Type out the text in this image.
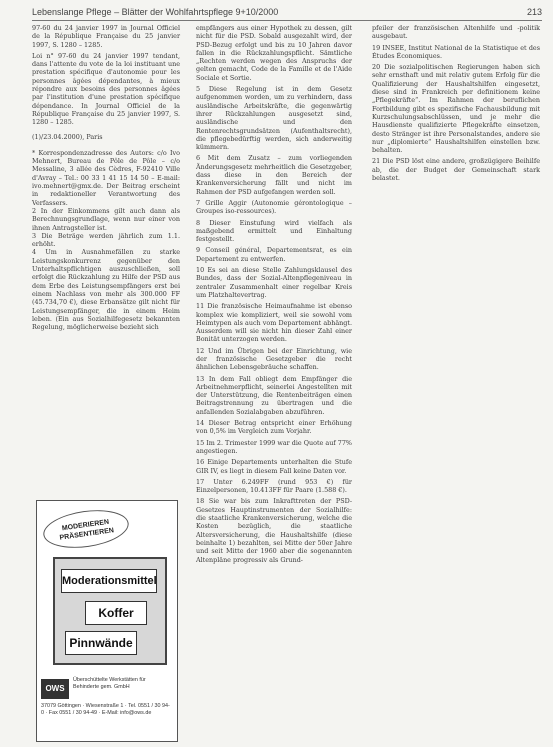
Lebenslange Pflege – Blätter der Wohlfahrtspflege 9+10/2000	213

97-60 du 24 janvier 1997 in Journal Officiel de la République Française du 25 janvier 1997, S. 1280 – 1285.

Loi n° 97-60 du 24 janvier 1997 tendant, dans l'attente du vote de la loi instituant une prestation spécifique d'autonomie pour les personnes âgées dépendantes, à mieux répondre aux besoins des personnes âgées par l'institution d'une prestation spécifique dépendance. In Journal Officiel de la République Française du 25 janvier 1997, S. 1280 – 1285.

(1)/23.04.2000), Paris

* Korrespondenzadresse des Autors: c/o Ivo Mehnert, Bureau de Pôle de Pôle – c/o Messaline, 3 allée des Cèdres, F-92410 Ville d'Avray – Tel.: 00 33 1 41 15 14 50 – E-mail: ivo.mehnert@gmx.de. Der Beitrag erscheint in redaktioneller Verantwortung des Verfassers.

2 In der Einkommens gilt auch dann als Berechnungsgrundlage, wenn nur einer von ihnen Antragsteller ist.

3 Die Beträge werden jährlich zum 1.1. erhöht.

4 Um in Ausnahmefällen zu starke Leistungskonkurrenz gegenüber den Unterhaltspflichtigen auszuschließen, soll erfolgt die Rückzahlung zu Hilfe der PSD aus dem Erbe des Leistungsempfängers erst bei einem Nachlass von mehr als 300.000 FF (45.734,70 €), diese Erbansätze gilt nicht für Leistungsempfänger, die in einem Heim leben. (Ein aus Sozialhilfegesetz bekannten Regelung, möglicherweise bezieht sich

empfängers aus einer Hypothek zu dessen, gilt nicht für die PSD. Sobald ausgezahlt wird, der PSD-Bezug erfolgt und bis zu 10 Jahren davor fallen in die Rückzahlungspflicht. Sämtliche „Rechten werden wegen des Anspruchs der gelten gemacht, Code de la Famille et de l'Aide Sociale et Sortie.

5 Diese Regelung ist in dem Gesetz aufgenommen worden, um zu verhindern, dass ausländische Arbeitskräfte, die gegenwärtig ihrer Rückzahlungen ausgesetzt sind, ausländische und den Rentenrechtsgrundsätzen (Aufenthaltsrecht), die pflegebedürftig werden, sich anderweitig kümmern.

6 Mit dem Zusatz – zum vorliegenden Änderungsgesetz mehrheitlich die Gesetzgeber, dass diese in den Bereich der Krankenversicherung fällt und nicht im Rahmen der PSD aufgefangen werden soll.

7 Grille Aggir (Autonomie gérontologique – Groupes iso-ressources).

8 Dieser Einstufung wird vielfach als maßgebend ermittelt und Einhaltung festgestellt.

9 Conseil général, Departementsrat, es ein Departement zu entwerfen.

10 Es sei an diese Stelle Zahlungsklausel des Bundes, dass der Sozial-Altenpflegeniveau in zentraler Zusammenhalt einer regelbar Kreis um Platzhaltevertrag.

11 Die französische Heimaufnahme ist ebenso komplex wie kompliziert, weil sie sowohl vom Heimtypen als auch vom Departement abhängt. Ausserdem will sie nicht hin dieser Zahl einer Bonität unterzogen werden.

12 Und im Übrigen bei der Einrichtung, wie der französische Gesetzgeber die recht ähnlichen Lebensgebräuche schaffen.

13 In dem Fall obliegt dem Empfänger die Arbeitnehmerpflicht, seinerlei Angestellten mit der Unterstützung, die Rentenbeiträgen einen Beitragstrennung zu übertragen und die anfallenden Sozialabgaben abzuführen.

14 Dieser Betrag entspricht einer Erhöhung von 0,5% im Vergleich zum Vorjahr.

15 Im 2. Trimester 1999 war die Quote auf 77% angestiegen.

16 Einige Departements unterhalten die Stufe GIR IV, es liegt in diesem Fall keine Daten vor.

17 Unter 6.249FF (rund 953 €) für Einzelpersonen, 10.413FF für Paare (1.588 €).

18 Sie war bis zum Inkrafttreten der PSD-Gesetzes Hauptinstrumenten der Sozialhilfe: die staatliche Krankenversicherung, welche die Kosten bezüglich, die staatliche Altersversicherung, die Haushaltshilfe (diese beinhalte 1) bezahlten, sei Mitte der 50er Jahre und seit Mitte der 1960 aber die sogenannten Altenpläne progressiv als Grund-

pfeiler der französischen Altenhilfe und -politik ausgebaut.

19 INSEE, Institut National de la Statistique et des Études Économiques.

20 Die sozialpolitischen Regierungen haben sich sehr ernsthaft und mit relativ gutem Erfolg für die Qualifizierung der Haushaltshilfen eingesetzt, diese sind in Frankreich per definitionem keine „Pflegekräfte“. Im Rahmen der beruflichen Fortbildung gibt es spezifische Fachausbildung mit Kurzschulungsabschlüssen, und je mehr die Hausdienste qualifizierte Pflegekräfte einsetzen, desto Stränger ist ihre Personalstandes, andere sie nur „diplomierte“ Haushaltshilfen einstellen bzw. behalten.

21 Die PSD löst eine andere, großzügigere Beihilfe ab, die der Budget der Gemeinschaft stark belastet.

MODERIEREN PRÄSENTIEREN
Moderationsmittel
Koffer
Pinnwände
OWS
Überschüttelte Werkstätten für Behinderte gem. GmbH
37079 Göttingen · Wiesenstraße 1 · Tel. 0551 / 30 94-0 · Fax 0551 / 30 94-49 · E-Mail: info@ows.de
